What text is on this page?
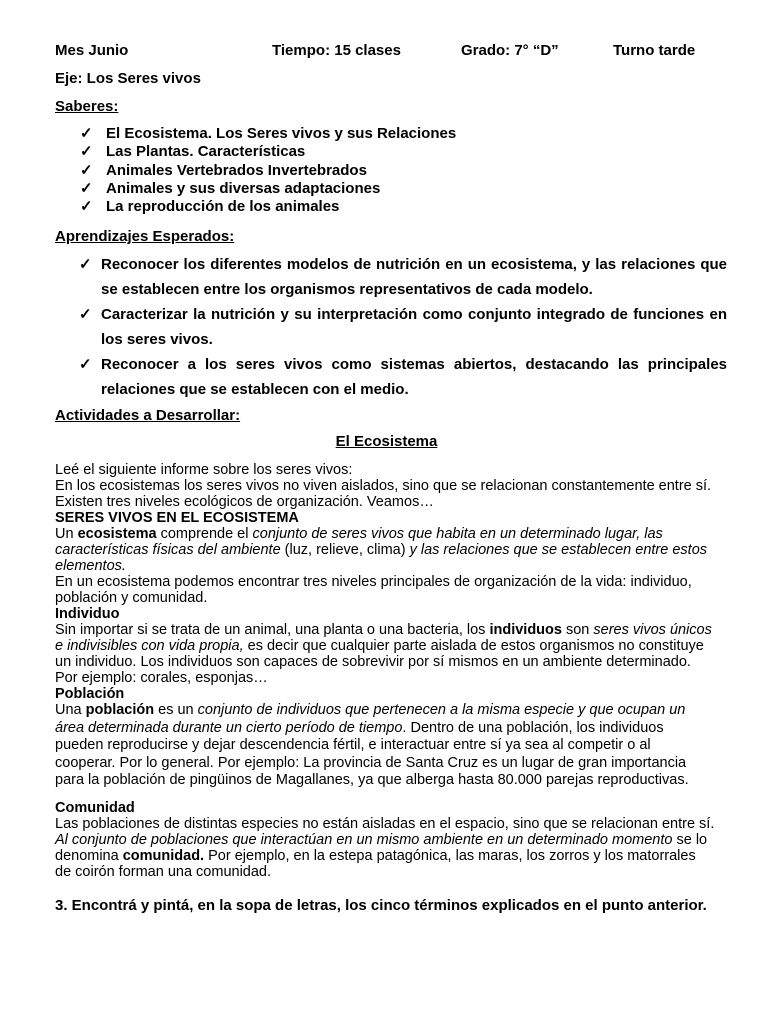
Mes Junio	Tiempo: 15 clases	Grado: 7° “D”	Turno tarde
Eje: Los Seres vivos
Saberes:
✓ El Ecosistema. Los Seres vivos y sus Relaciones
✓ Las Plantas. Características
✓ Animales Vertebrados Invertebrados
✓ Animales y sus diversas adaptaciones
✓ La reproducción de los animales
Aprendizajes Esperados:
✓ Reconocer los diferentes modelos de nutrición en un ecosistema, y las relaciones que se establecen entre los organismos representativos de cada modelo.
✓ Caracterizar la nutrición y su interpretación como conjunto integrado de funciones en los seres vivos.
✓ Reconocer a los seres vivos como sistemas abiertos, destacando las principales relaciones que se establecen con el medio.
Actividades a Desarrollar:
El Ecosistema

Leé el siguiente informe sobre los seres vivos:

En los ecosistemas los seres vivos no viven aislados, sino que se relacionan constantemente entre sí. Existen tres niveles ecológicos de organización. Veamos…

SERES VIVOS EN EL ECOSISTEMA

Un ecosistema comprende el conjunto de seres vivos que habita en un determinado lugar, las características físicas del ambiente (luz, relieve, clima) y las relaciones que se establecen entre estos elementos.

En un ecosistema podemos encontrar tres niveles principales de organización de la vida: individuo, población y comunidad.

Individuo

Sin importar si se trata de un animal, una planta o una bacteria, los individuos son seres vivos únicos e indivisibles con vida propia, es decir que cualquier parte aislada de estos organismos no constituye un individuo. Los individuos son capaces de sobrevivir por sí mismos en un ambiente determinado. Por ejemplo: corales, esponjas…

Población

Una población es un conjunto de individuos que pertenecen a la misma especie y que ocupan un área determinada durante un cierto período de tiempo. Dentro de una población, los individuos pueden reproducirse y dejar descendencia fértil, e interactuar entre sí ya sea al competir o al cooperar. Por lo general. Por ejemplo: La provincia de Santa Cruz es un lugar de gran importancia para la población de pingüinos de Magallanes, ya que alberga hasta 80.000 parejas reproductivas.

Comunidad

Las poblaciones de distintas especies no están aisladas en el espacio, sino que se relacionan entre sí. Al conjunto de poblaciones que interactúan en un mismo ambiente en un determinado momento se lo denomina comunidad. Por ejemplo, en la estepa patagónica, las maras, los zorros y los matorrales de coirón forman una comunidad.

3. Encontrá y pintá, en la sopa de letras, los cinco términos explicados en el punto anterior.
